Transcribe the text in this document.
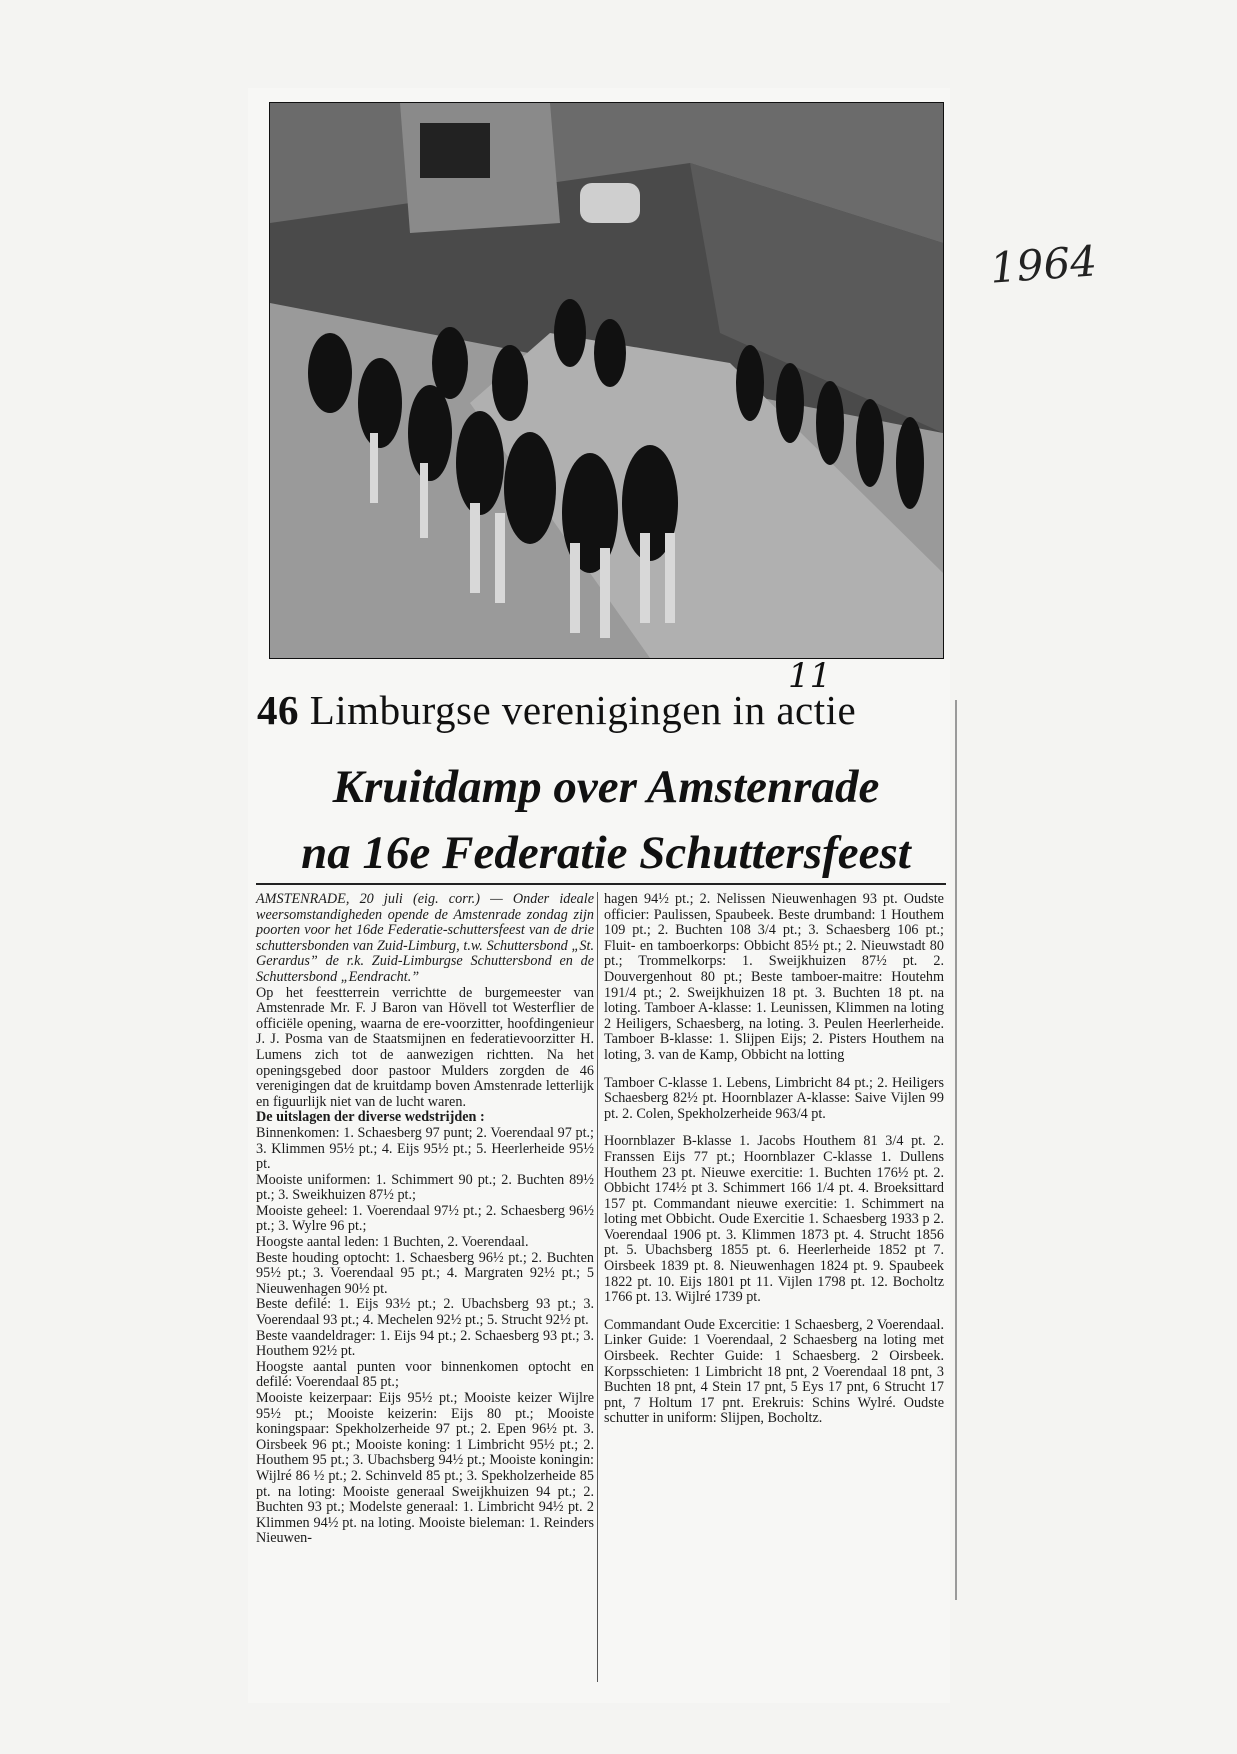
1964
11
46 Limburgse verenigingen in actie
Kruitdamp over Amstenrade
na 16e Federatie Schuttersfeest

AMSTENRADE, 20 juli (eig. corr.) — Onder ideale weersomstandigheden opende de Amstenrade zondag zijn poorten voor het 16de Federatie-schuttersfeest van de drie schuttersbonden van Zuid-Limburg, t.w. Schuttersbond „St. Gerardus” de r.k. Zuid-Limburgse Schuttersbond en de Schuttersbond „Eendracht.”

Op het feestterrein verrichtte de burgemeester van Amstenrade Mr. F. J Baron van Hövell tot Westerflier de officiële opening, waarna de ere-voorzitter, hoofdingenieur J. J. Posma van de Staatsmijnen en federatievoorzitter H. Lumens zich tot de aanwezigen richtten. Na het openingsgebed door pastoor Mulders zorgden de 46 verenigingen dat de kruitdamp boven Amstenrade letterlijk en figuurlijk niet van de lucht waren.

De uitslagen der diverse wedstrijden :

Binnenkomen: 1. Schaesberg 97 punt; 2. Voerendaal 97 pt.; 3. Klimmen 95½ pt.; 4. Eijs 95½ pt.; 5. Heerlerheide 95½ pt.

Mooiste uniformen: 1. Schimmert 90 pt.; 2. Buchten 89½ pt.; 3. Sweikhuizen 87½ pt.;

Mooiste geheel: 1. Voerendaal 97½ pt.; 2. Schaesberg 96½ pt.; 3. Wylre 96 pt.;

Hoogste aantal leden: 1 Buchten, 2. Voerendaal.

Beste houding optocht: 1. Schaesberg 96½ pt.; 2. Buchten 95½ pt.; 3. Voerendaal 95 pt.; 4. Margraten 92½ pt.; 5 Nieuwenhagen 90½ pt.

Beste defilé: 1. Eijs 93½ pt.; 2. Ubachsberg 93 pt.; 3. Voerendaal 93 pt.; 4. Mechelen 92½ pt.; 5. Strucht 92½ pt.

Beste vaandeldrager: 1. Eijs 94 pt.; 2. Schaesberg 93 pt.; 3. Houthem 92½ pt.

Hoogste aantal punten voor binnenkomen optocht en defilé: Voerendaal 85 pt.;

Mooiste keizerpaar: Eijs 95½ pt.; Mooiste keizer Wijlre 95½ pt.; Mooiste keizerin: Eijs 80 pt.; Mooiste koningspaar: Spekholzerheide 97 pt.; 2. Epen 96½ pt. 3. Oirsbeek 96 pt.; Mooiste koning: 1 Limbricht 95½ pt.; 2. Houthem 95 pt.; 3. Ubachsberg 94½ pt.; Mooiste koningin: Wijlré 86 ½ pt.; 2. Schinveld 85 pt.; 3. Spekholzerheide 85 pt. na loting: Mooiste generaal Sweijkhuizen 94 pt.; 2. Buchten 93 pt.; Modelste generaal: 1. Limbricht 94½ pt. 2 Klimmen 94½ pt. na loting. Mooiste bieleman: 1. Reinders Nieuwen-

hagen 94½ pt.; 2. Nelissen Nieuwenhagen 93 pt. Oudste officier: Paulissen, Spaubeek. Beste drumband: 1 Houthem 109 pt.; 2. Buchten 108 3/4 pt.; 3. Schaesberg 106 pt.; Fluit- en tamboerkorps: Obbicht 85½ pt.; 2. Nieuwstadt 80 pt.; Trommelkorps: 1. Sweijkhuizen 87½ pt. 2. Douvergenhout 80 pt.; Beste tamboer-maitre: Houtehm 191/4 pt.; 2. Sweijkhuizen 18 pt. 3. Buchten 18 pt. na loting. Tamboer A-klasse: 1. Leunissen, Klimmen na loting 2 Heiligers, Schaesberg, na loting. 3. Peulen Heerlerheide. Tamboer B-klasse: 1. Slijpen Eijs; 2. Pisters Houthem na loting, 3. van de Kamp, Obbicht na lotting

Tamboer C-klasse 1. Lebens, Limbricht 84 pt.; 2. Heiligers Schaesberg 82½ pt. Hoornblazer A-klasse: Saive Vijlen 99 pt. 2. Colen, Spekholzerheide 963/4 pt.

Hoornblazer B-klasse 1. Jacobs Houthem 81 3/4 pt. 2. Franssen Eijs 77 pt.; Hoornblazer C-klasse 1. Dullens Houthem 23 pt. Nieuwe exercitie: 1. Buchten 176½ pt. 2. Obbicht 174½ pt 3. Schimmert 166 1/4 pt. 4. Broeksittard 157 pt. Commandant nieuwe exercitie: 1. Schimmert na loting met Obbicht. Oude Exercitie 1. Schaesberg 1933 p 2. Voerendaal 1906 pt. 3. Klimmen 1873 pt. 4. Strucht 1856 pt. 5. Ubachsberg 1855 pt. 6. Heerlerheide 1852 pt 7. Oirsbeek 1839 pt. 8. Nieuwenhagen 1824 pt. 9. Spaubeek 1822 pt. 10. Eijs 1801 pt 11. Vijlen 1798 pt. 12. Bocholtz 1766 pt. 13. Wijlré 1739 pt.

Commandant Oude Excercitie: 1 Schaesberg, 2 Voerendaal. Linker Guide: 1 Voerendaal, 2 Schaesberg na loting met Oirsbeek. Rechter Guide: 1 Schaesberg. 2 Oirsbeek. Korpsschieten: 1 Limbricht 18 pnt, 2 Voerendaal 18 pnt, 3 Buchten 18 pnt, 4 Stein 17 pnt, 5 Eys 17 pnt, 6 Strucht 17 pnt, 7 Holtum 17 pnt. Erekruis: Schins Wylré. Oudste schutter in uniform: Slijpen, Bocholtz.
